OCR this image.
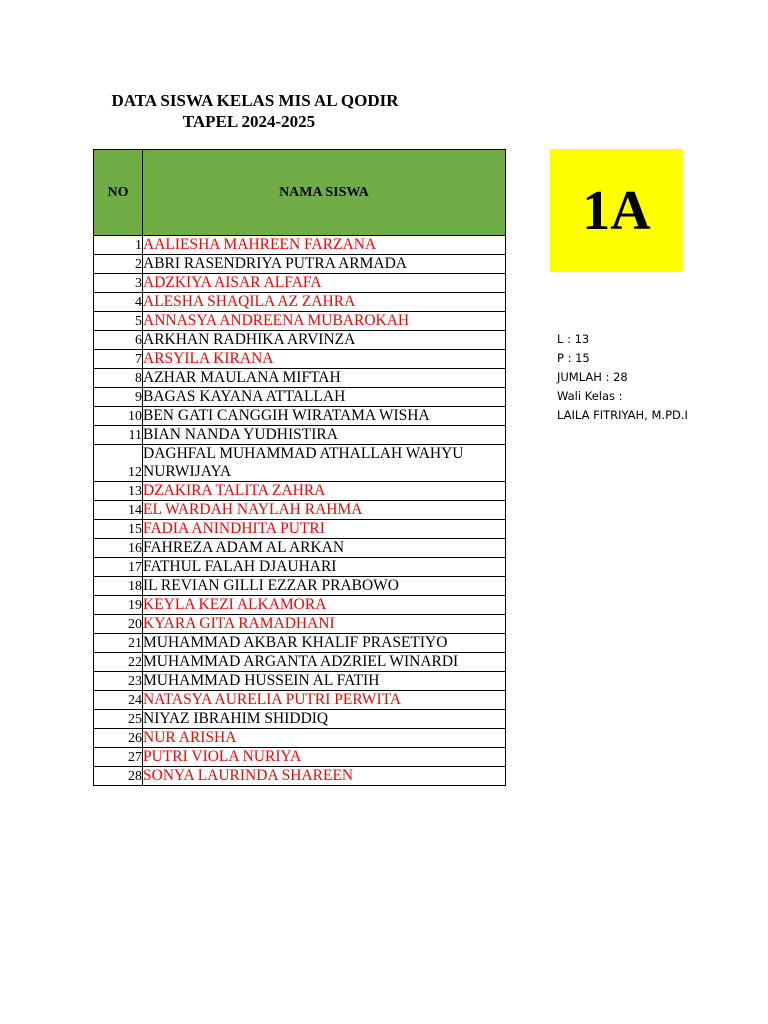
DATA SISWA KELAS MIS AL QODIR
TAPEL 2024-2025
NO	NAMA SISWA
1	AALIESHA MAHREEN FARZANA
2	ABRI RASENDRIYA PUTRA ARMADA
3	ADZKIYA AISAR ALFAFA
4	ALESHA SHAQILA AZ ZAHRA
5	ANNASYA ANDREENA MUBAROKAH
6	ARKHAN RADHIKA ARVINZA
7	ARSYILA KIRANA
8	AZHAR MAULANA MIFTAH
9	BAGAS KAYANA ATTALLAH
10	BEN GATI CANGGIH WIRATAMA WISHA
11	BIAN NANDA YUDHISTIRA
12	DAGHFAL MUHAMMAD ATHALLAH WAHYU NURWIJAYA
13	DZAKIRA TALITA ZAHRA
14	EL WARDAH NAYLAH RAHMA
15	FADIA ANINDHITA PUTRI
16	FAHREZA ADAM AL ARKAN
17	FATHUL FALAH DJAUHARI
18	IL REVIAN GILLI EZZAR PRABOWO
19	KEYLA KEZI ALKAMORA
20	KYARA GITA RAMADHANI
21	MUHAMMAD AKBAR KHALIF PRASETIYO
22	MUHAMMAD ARGANTA ADZRIEL WINARDI
23	MUHAMMAD HUSSEIN AL FATIH
24	NATASYA AURELIA PUTRI PERWITA
25	NIYAZ IBRAHIM SHIDDIQ
26	NUR ARISHA
27	PUTRI VIOLA NURIYA
28	SONYA LAURINDA SHAREEN
1A
L : 13
P : 15
JUMLAH : 28
Wali Kelas :
LAILA FITRIYAH, M.PD.I
